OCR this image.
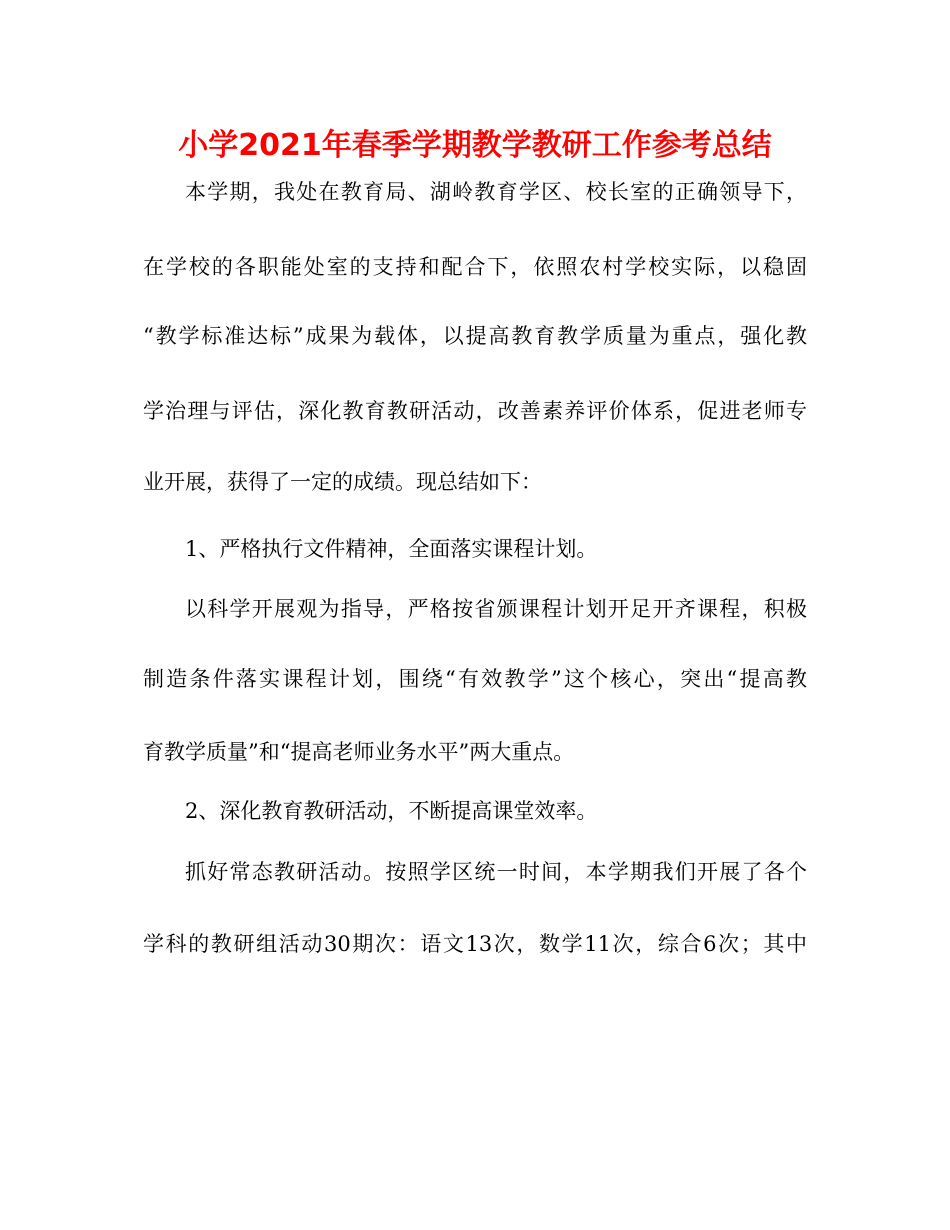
小学2021年春季学期教学教研工作参考总结

本学期，我处在教育局、湖岭教育学区、校长室的正确领导下，

在学校的各职能处室的支持和配合下，依照农村学校实际，以稳固

“教学标准达标”成果为载体，以提高教育教学质量为重点，强化教

学治理与评估，深化教育教研活动，改善素养评价体系，促进老师专

业开展，获得了一定的成绩。现总结如下：

1、严格执行文件精神，全面落实课程计划。

以科学开展观为指导，严格按省颁课程计划开足开齐课程，积极

制造条件落实课程计划，围绕“有效教学”这个核心，突出“提高教

育教学质量”和“提高老师业务水平”两大重点。

2、深化教育教研活动，不断提高课堂效率。

抓好常态教研活动。按照学区统一时间，本学期我们开展了各个

学科的教研组活动30期次：语文13次，数学11次，综合6次；其中
